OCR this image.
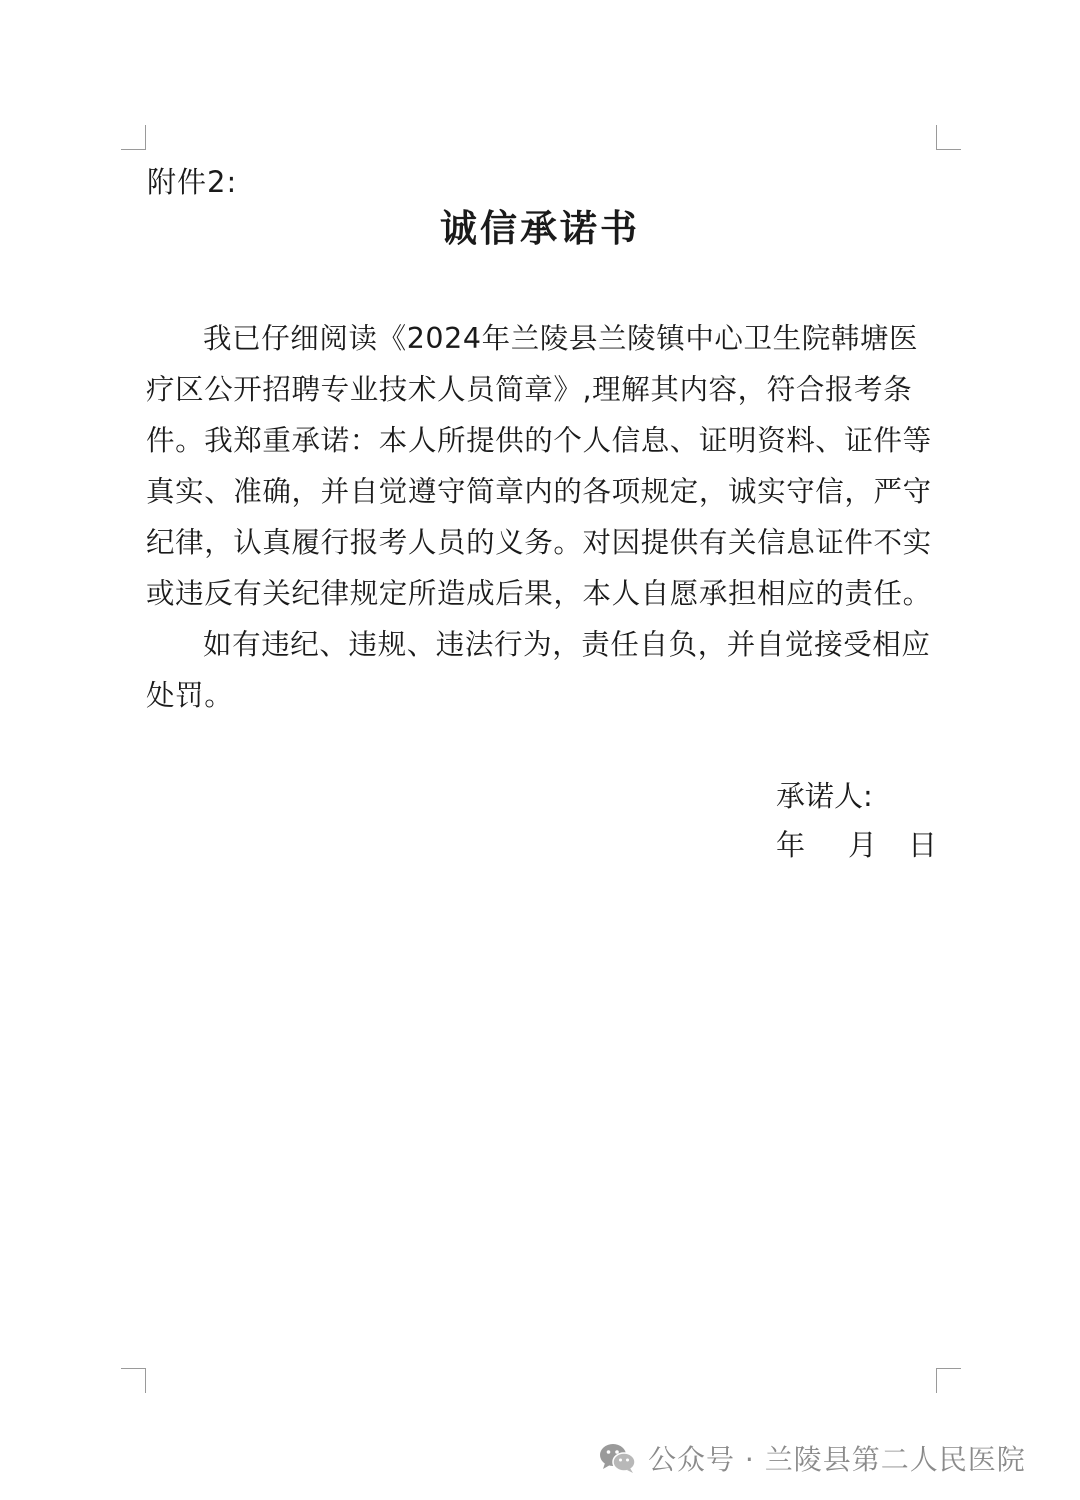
附件2:
诚信承诺书

我已仔细阅读《2024年兰陵县兰陵镇中心卫生院韩塘医疗区公开招聘专业技术人员简章》,理解其内容，符合报考条件。我郑重承诺：本人所提供的个人信息、证明资料、证件等真实、准确，并自觉遵守简章内的各项规定，诚实守信，严守纪律，认真履行报考人员的义务。对因提供有关信息证件不实或违反有关纪律规定所造成后果，本人自愿承担相应的责任。

如有违纪、违规、违法行为，责任自负，并自觉接受相应处罚。

承诺人:
年 月 日
公众号 · 兰陵县第二人民医院
